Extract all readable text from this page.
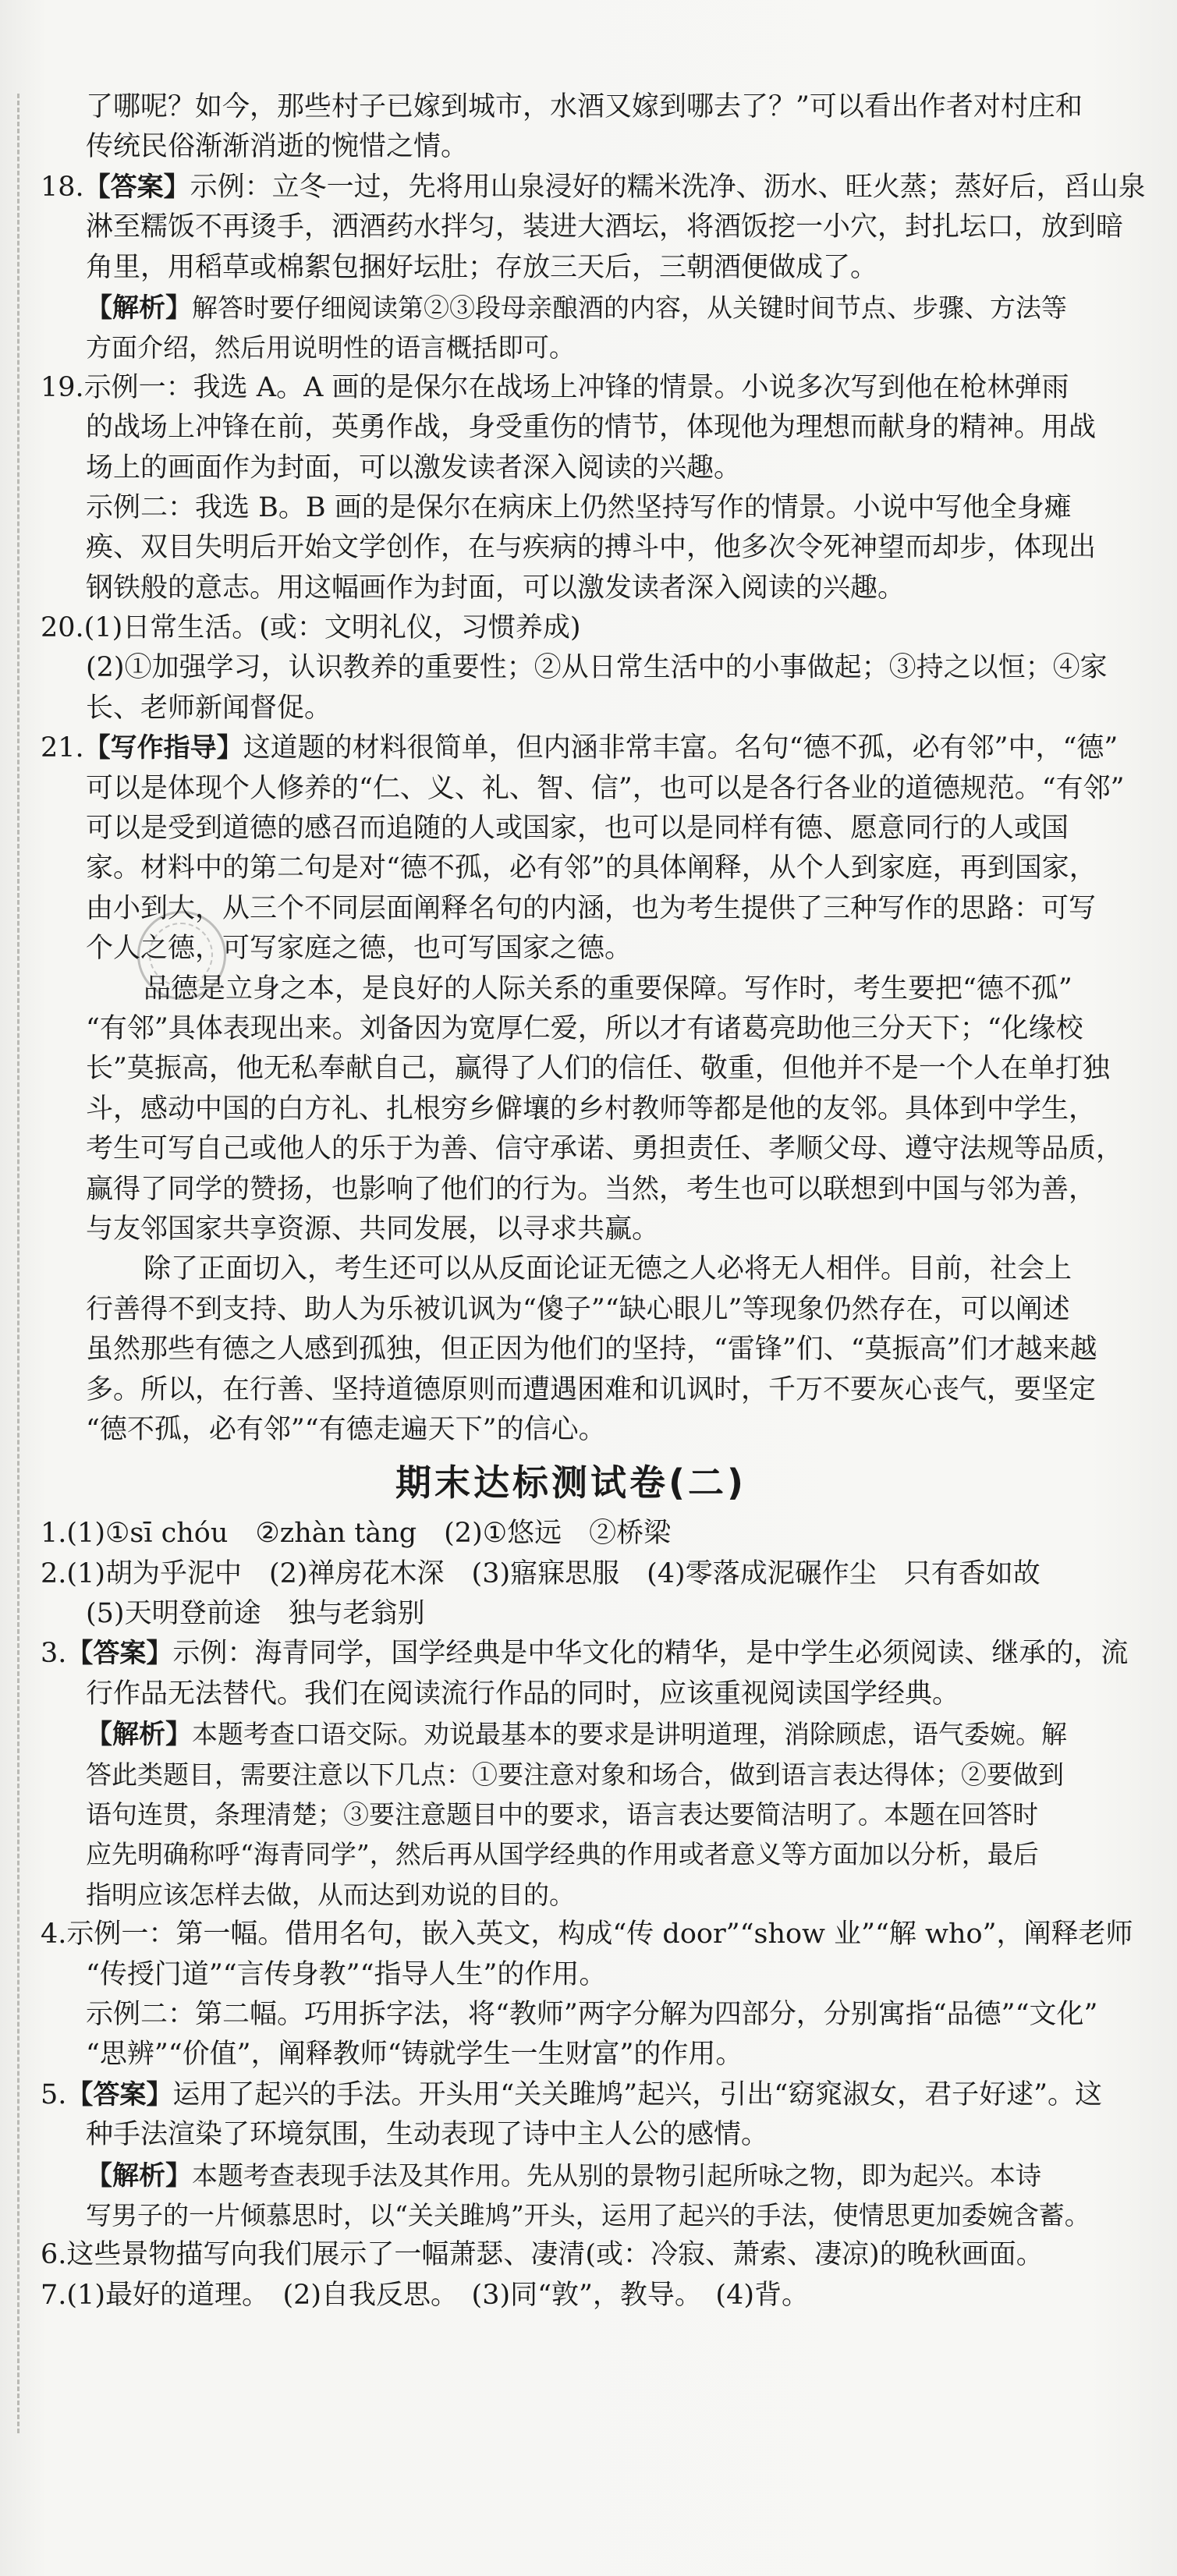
了哪呢？如今，那些村子已嫁到城市，水酒又嫁到哪去了？”可以看出作者对村庄和
传统民俗渐渐消逝的惋惜之情。
18.【答案】示例：立冬一过，先将用山泉浸好的糯米洗净、沥水、旺火蒸；蒸好后，舀山泉
淋至糯饭不再烫手，洒酒药水拌匀，装进大酒坛，将酒饭挖一小穴，封扎坛口，放到暗
角里，用稻草或棉絮包捆好坛肚；存放三天后，三朝酒便做成了。
【解析】解答时要仔细阅读第②③段母亲酿酒的内容，从关键时间节点、步骤、方法等
方面介绍，然后用说明性的语言概括即可。
19.示例一：我选 A。A 画的是保尔在战场上冲锋的情景。小说多次写到他在枪林弹雨
的战场上冲锋在前，英勇作战，身受重伤的情节，体现他为理想而献身的精神。用战
场上的画面作为封面，可以激发读者深入阅读的兴趣。
示例二：我选 B。B 画的是保尔在病床上仍然坚持写作的情景。小说中写他全身瘫
痪、双目失明后开始文学创作，在与疾病的搏斗中，他多次令死神望而却步，体现出
钢铁般的意志。用这幅画作为封面，可以激发读者深入阅读的兴趣。
20.(1)日常生活。(或：文明礼仪，习惯养成)
(2)①加强学习，认识教养的重要性；②从日常生活中的小事做起；③持之以恒；④家
长、老师新闻督促。
21.【写作指导】这道题的材料很简单，但内涵非常丰富。名句“德不孤，必有邻”中，“德”
可以是体现个人修养的“仁、义、礼、智、信”，也可以是各行各业的道德规范。“有邻”
可以是受到道德的感召而追随的人或国家，也可以是同样有德、愿意同行的人或国
家。材料中的第二句是对“德不孤，必有邻”的具体阐释，从个人到家庭，再到国家，
由小到大，从三个不同层面阐释名句的内涵，也为考生提供了三种写作的思路：可写
个人之德，可写家庭之德，也可写国家之德。
品德是立身之本，是良好的人际关系的重要保障。写作时，考生要把“德不孤”
“有邻”具体表现出来。刘备因为宽厚仁爱，所以才有诸葛亮助他三分天下；“化缘校
长”莫振高，他无私奉献自己，赢得了人们的信任、敬重，但他并不是一个人在单打独
斗，感动中国的白方礼、扎根穷乡僻壤的乡村教师等都是他的友邻。具体到中学生，
考生可写自己或他人的乐于为善、信守承诺、勇担责任、孝顺父母、遵守法规等品质，
赢得了同学的赞扬，也影响了他们的行为。当然，考生也可以联想到中国与邻为善，
与友邻国家共享资源、共同发展，以寻求共赢。
除了正面切入，考生还可以从反面论证无德之人必将无人相伴。目前，社会上
行善得不到支持、助人为乐被讥讽为“傻子”“缺心眼儿”等现象仍然存在，可以阐述
虽然那些有德之人感到孤独，但正因为他们的坚持，“雷锋”们、“莫振高”们才越来越
多。所以，在行善、坚持道德原则而遭遇困难和讥讽时，千万不要灰心丧气，要坚定
“德不孤，必有邻”“有德走遍天下”的信心。
期末达标测试卷(二)
1.(1)①sī chóu　②zhàn tàng　(2)①悠远　②桥梁
2.(1)胡为乎泥中　(2)禅房花木深　(3)寤寐思服　(4)零落成泥碾作尘　只有香如故
(5)天明登前途　独与老翁别
3.【答案】示例：海青同学，国学经典是中华文化的精华，是中学生必须阅读、继承的，流
行作品无法替代。我们在阅读流行作品的同时，应该重视阅读国学经典。
【解析】本题考查口语交际。劝说最基本的要求是讲明道理，消除顾虑，语气委婉。解
答此类题目，需要注意以下几点：①要注意对象和场合，做到语言表达得体；②要做到
语句连贯，条理清楚；③要注意题目中的要求，语言表达要简洁明了。本题在回答时
应先明确称呼“海青同学”，然后再从国学经典的作用或者意义等方面加以分析，最后
指明应该怎样去做，从而达到劝说的目的。
4.示例一：第一幅。借用名句，嵌入英文，构成“传 door”“show 业”“解 who”，阐释老师
“传授门道”“言传身教”“指导人生”的作用。
示例二：第二幅。巧用拆字法，将“教师”两字分解为四部分，分别寓指“品德”“文化”
“思辨”“价值”，阐释教师“铸就学生一生财富”的作用。
5.【答案】运用了起兴的手法。开头用“关关雎鸠”起兴，引出“窈窕淑女，君子好逑”。这
种手法渲染了环境氛围，生动表现了诗中主人公的感情。
【解析】本题考查表现手法及其作用。先从别的景物引起所咏之物，即为起兴。本诗
写男子的一片倾慕思时，以“关关雎鸠”开头，运用了起兴的手法，使情思更加委婉含蓄。
6.这些景物描写向我们展示了一幅萧瑟、凄清(或：冷寂、萧索、凄凉)的晚秋画面。
7.(1)最好的道理。　(2)自我反思。　(3)同“敦”，教导。　(4)背。
